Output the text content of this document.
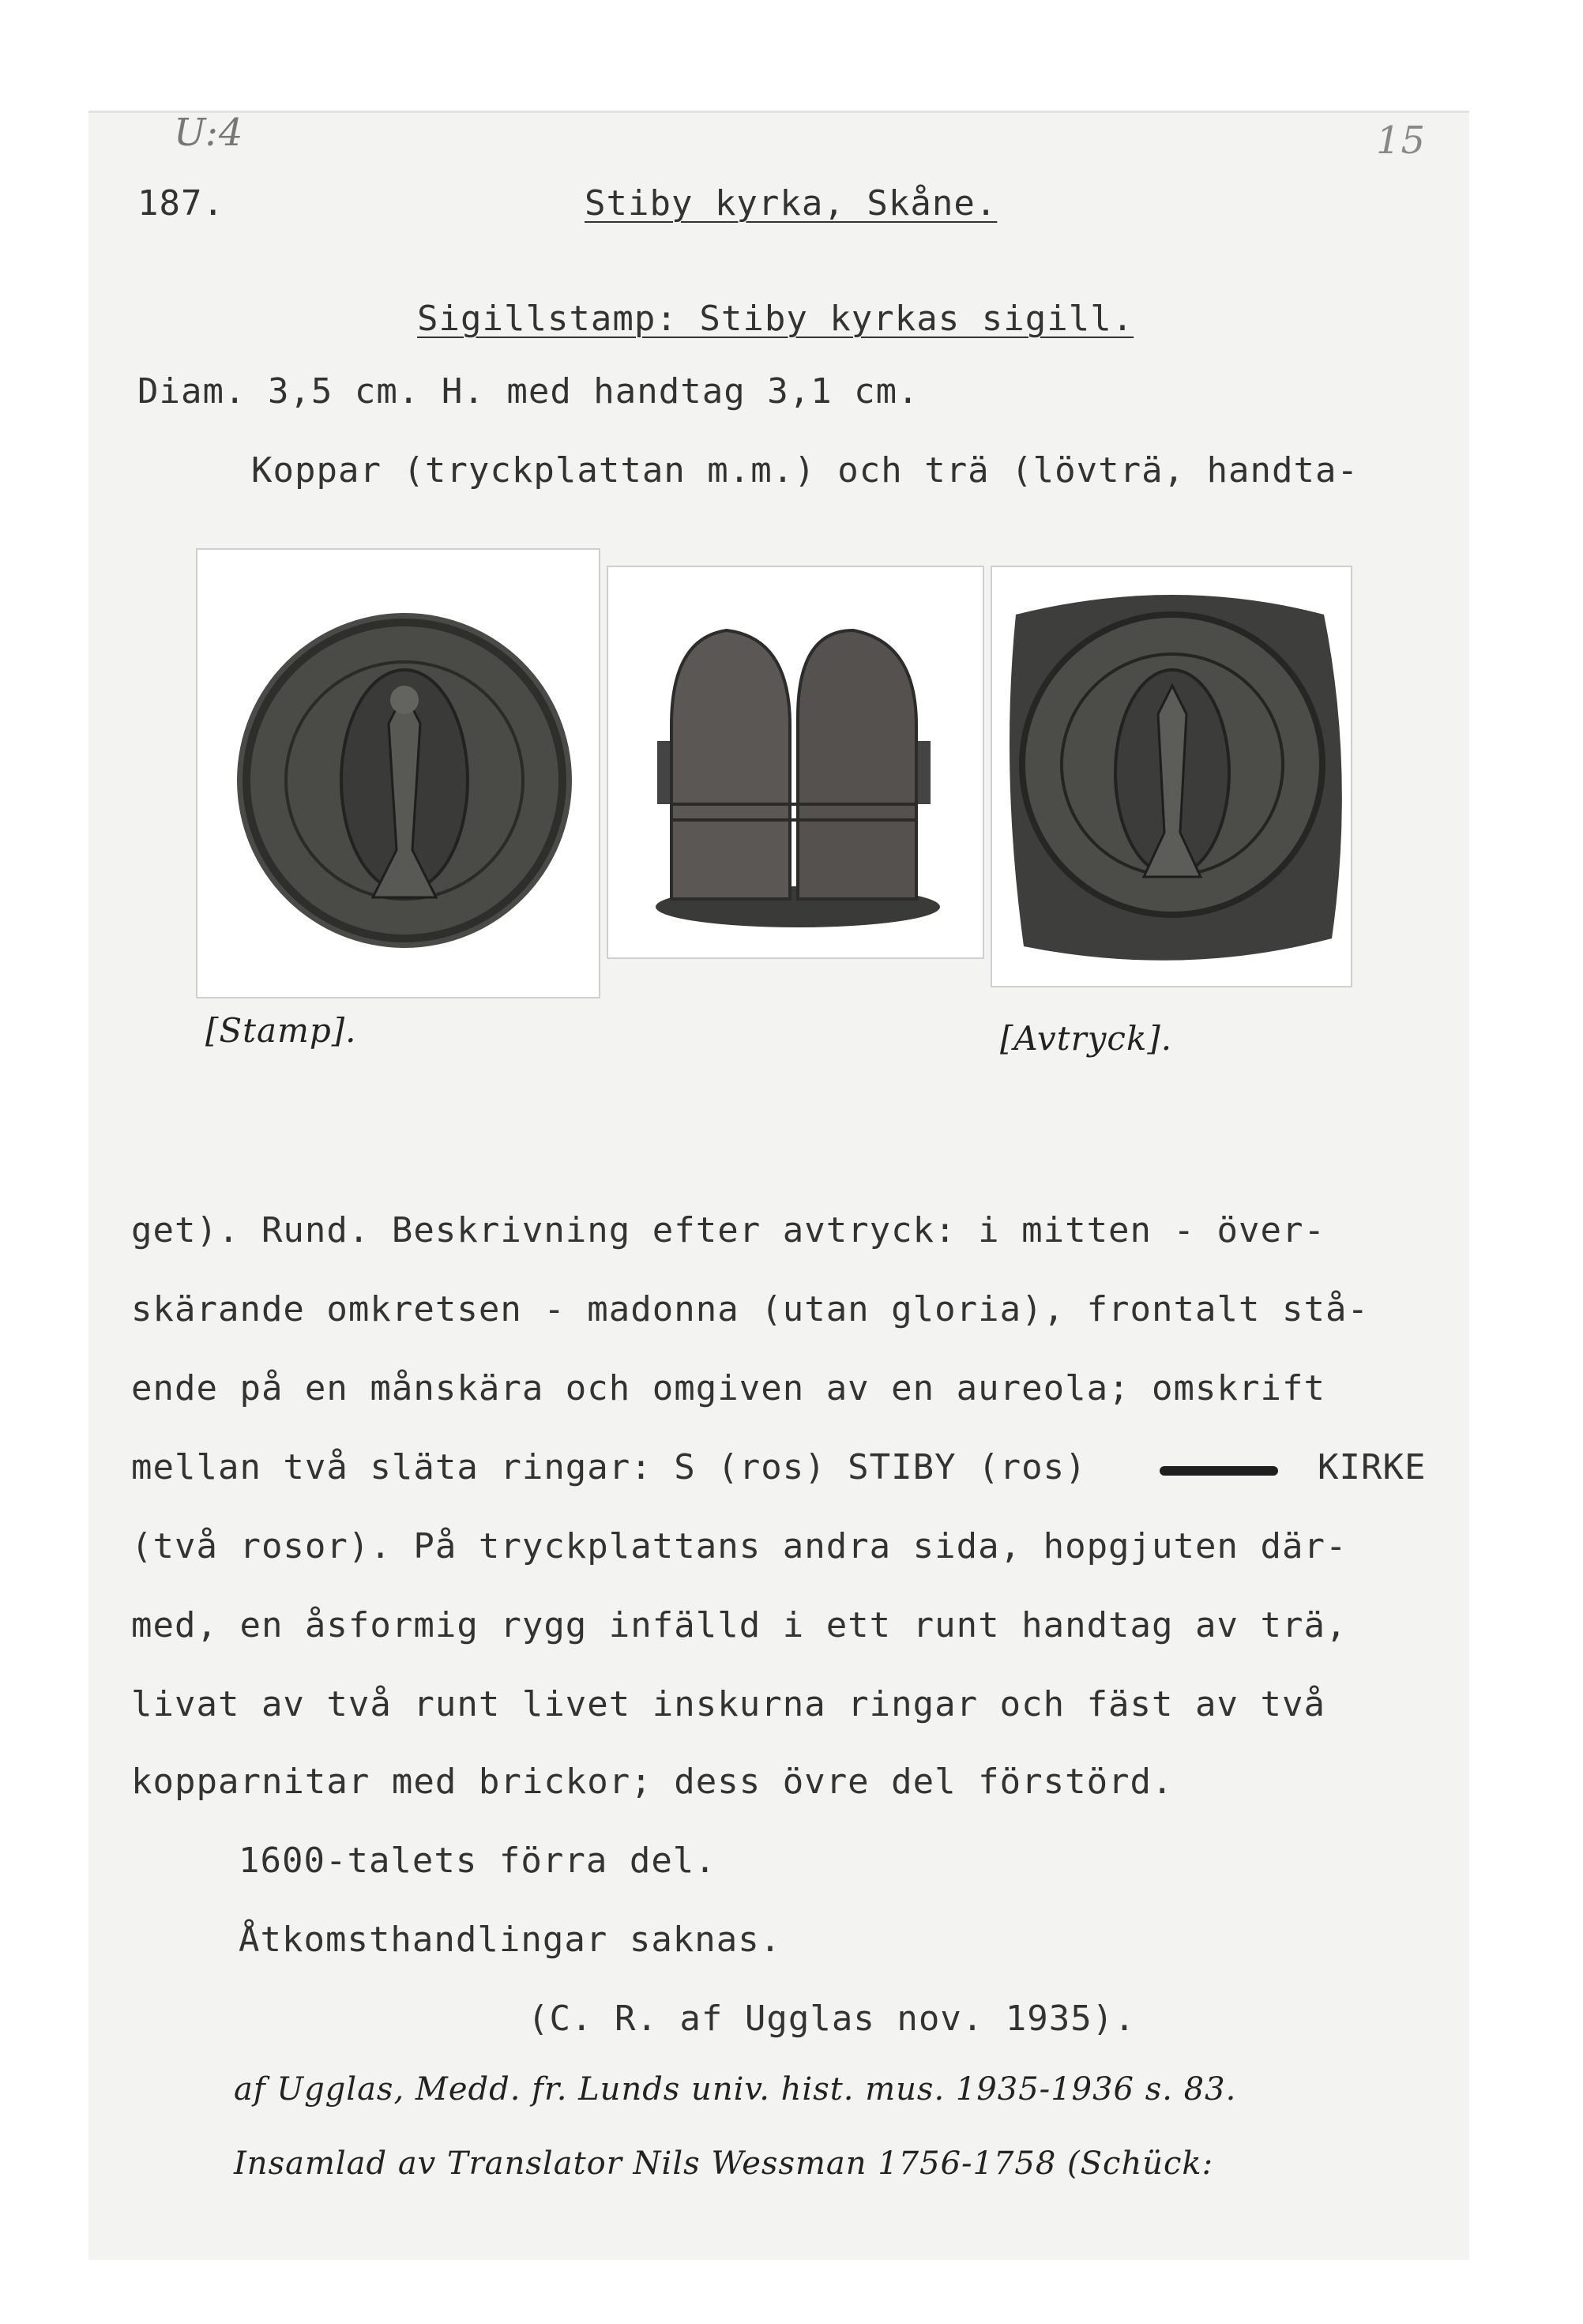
U:4	15
187.	Stiby kyrka, Skåne.
Sigillstamp: Stiby kyrkas sigill.
Diam. 3,5 cm. H. med handtag 3,1 cm.
Koppar (tryckplattan m.m.) och trä (lövträ, handta-
[Stamp].	[Avtryck].
get). Rund. Beskrivning efter avtryck: i mitten - över-
skärande omkretsen - madonna (utan gloria), frontalt stå-
ende på en månskära och omgiven av en aureola; omskrift
mellan två släta ringar: S (ros) STIBY (ros)	KIRKE
(två rosor). På tryckplattans andra sida, hopgjuten där-
med, en åsformig rygg infälld i ett runt handtag av trä,
livat av två runt livet inskurna ringar och fäst av två
kopparnitar med brickor; dess övre del förstörd.
1600-talets förra del.
Åtkomsthandlingar saknas.
(C. R. af Ugglas nov. 1935).
af Ugglas, Medd. fr. Lunds univ. hist. mus. 1935-1936 s. 83.
Insamlad av Translator Nils Wessman 1756-1758 (Schück:
